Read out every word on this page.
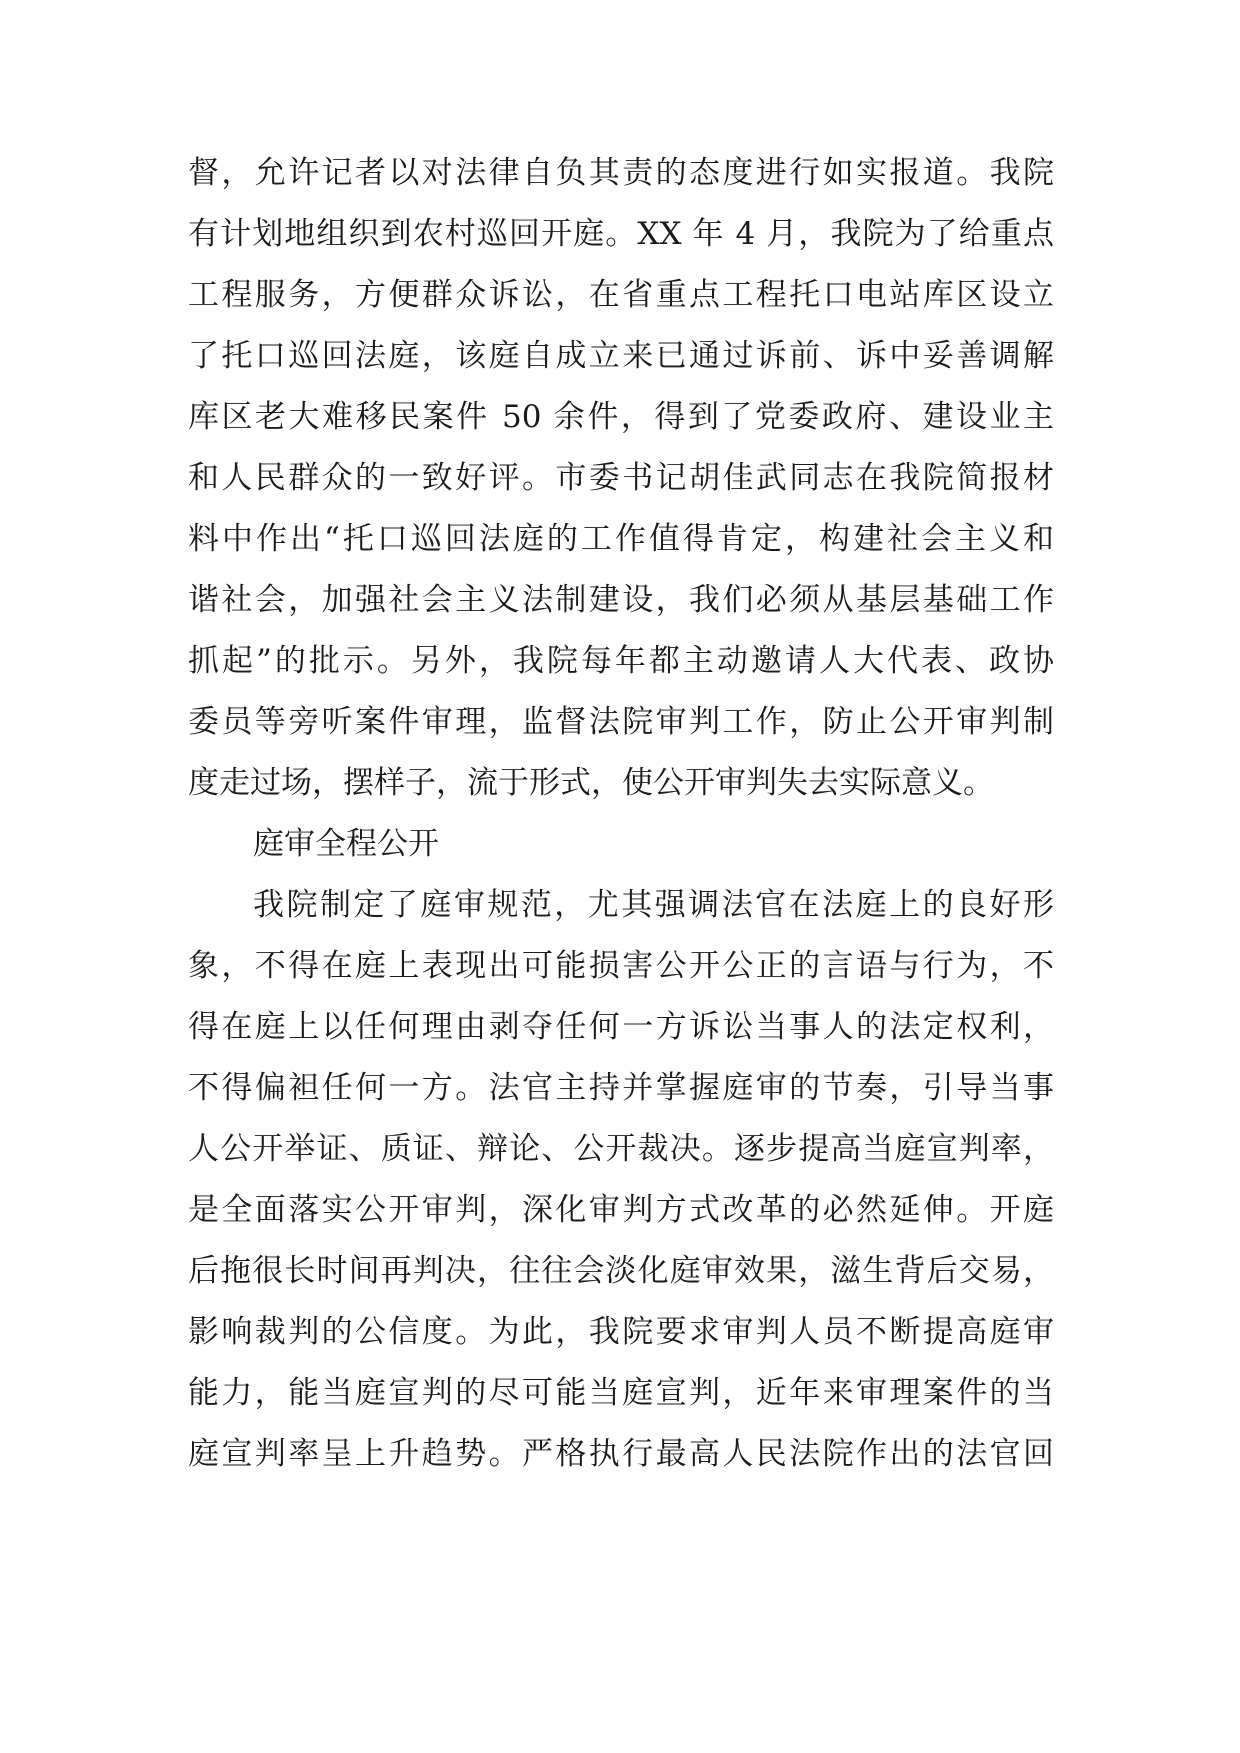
督，允许记者以对法律自负其责的态度进行如实报道。我院
有计划地组织到农村巡回开庭。XX 年 4 月，我院为了给重点
工程服务，方便群众诉讼，在省重点工程托口电站库区设立
了托口巡回法庭，该庭自成立来已通过诉前、诉中妥善调解
库区老大难移民案件 50 余件，得到了党委政府、建设业主
和人民群众的一致好评。市委书记胡佳武同志在我院简报材
料中作出“托口巡回法庭的工作值得肯定，构建社会主义和
谐社会，加强社会主义法制建设，我们必须从基层基础工作
抓起”的批示。另外，我院每年都主动邀请人大代表、政协
委员等旁听案件审理，监督法院审判工作，防止公开审判制
度走过场，摆样子，流于形式，使公开审判失去实际意义。
庭审全程公开
我院制定了庭审规范，尤其强调法官在法庭上的良好形
象，不得在庭上表现出可能损害公开公正的言语与行为，不
得在庭上以任何理由剥夺任何一方诉讼当事人的法定权利，
不得偏袒任何一方。法官主持并掌握庭审的节奏，引导当事
人公开举证、质证、辩论、公开裁决。逐步提高当庭宣判率，
是全面落实公开审判，深化审判方式改革的必然延伸。开庭
后拖很长时间再判决，往往会淡化庭审效果，滋生背后交易，
影响裁判的公信度。为此，我院要求审判人员不断提高庭审
能力，能当庭宣判的尽可能当庭宣判，近年来审理案件的当
庭宣判率呈上升趋势。严格执行最高人民法院作出的法官回
